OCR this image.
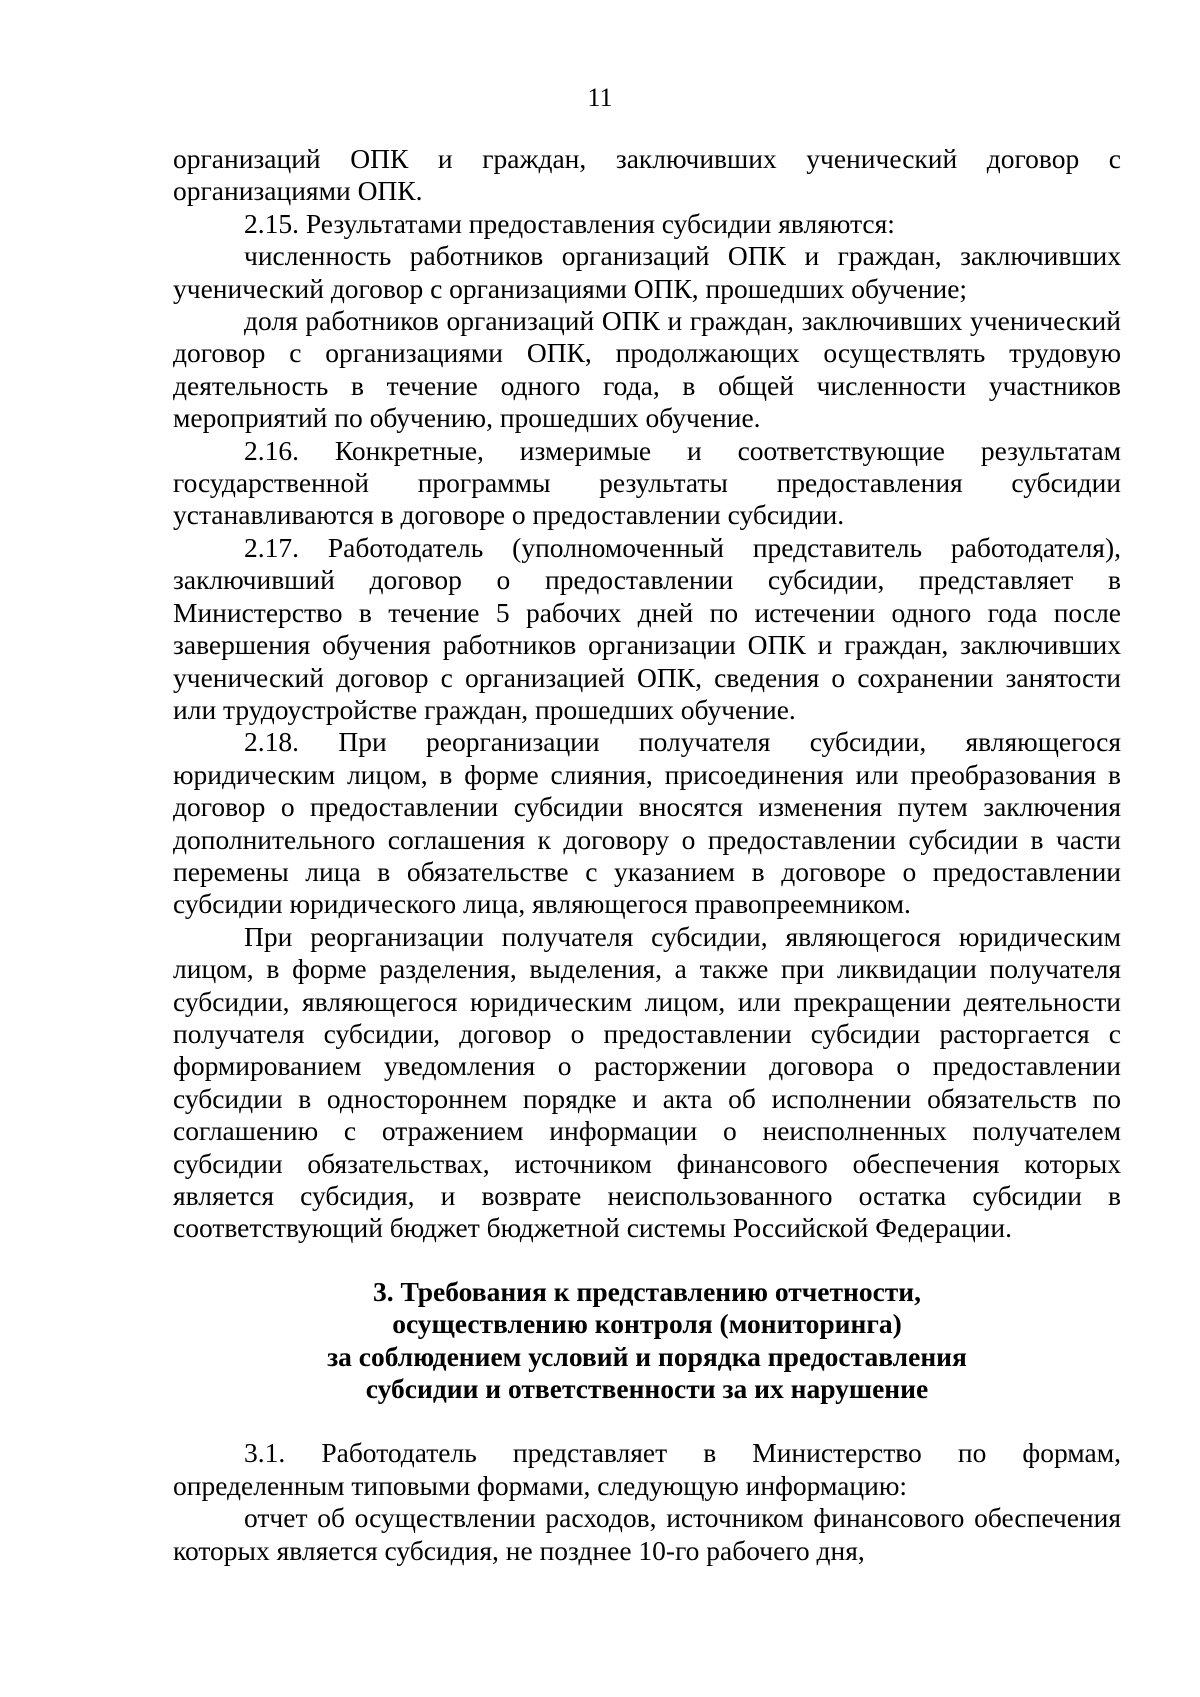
11

организаций ОПК и граждан, заключивших ученический договор с организациями ОПК.

2.15. Результатами предоставления субсидии являются:

численность работников организаций ОПК и граждан, заключивших ученический договор с организациями ОПК, прошедших обучение;

доля работников организаций ОПК и граждан, заключивших ученический договор с организациями ОПК, продолжающих осуществлять трудовую деятельность в течение одного года, в общей численности участников мероприятий по обучению, прошедших обучение.

2.16. Конкретные, измеримые и соответствующие результатам государственной программы результаты предоставления субсидии устанавливаются в договоре о предоставлении субсидии.

2.17. Работодатель (уполномоченный представитель работодателя), заключивший договор о предоставлении субсидии, представляет в Министерство в течение 5 рабочих дней по истечении одного года после завершения обучения работников организации ОПК и граждан, заключивших ученический договор с организацией ОПК, сведения о сохранении занятости или трудоустройстве граждан, прошедших обучение.

2.18. При реорганизации получателя субсидии, являющегося юридическим лицом, в форме слияния, присоединения или преобразования в договор о предоставлении субсидии вносятся изменения путем заключения дополнительного соглашения к договору о предоставлении субсидии в части перемены лица в обязательстве с указанием в договоре о предоставлении субсидии юридического лица, являющегося правопреемником.

При реорганизации получателя субсидии, являющегося юридическим лицом, в форме разделения, выделения, а также при ликвидации получателя субсидии, являющегося юридическим лицом, или прекращении деятельности получателя субсидии, договор о предоставлении субсидии расторгается с формированием уведомления о расторжении договора о предоставлении субсидии в одностороннем порядке и акта об исполнении обязательств по соглашению с отражением информации о неисполненных получателем субсидии обязательствах, источником финансового обеспечения которых является субсидия, и возврате неиспользованного остатка субсидии в соответствующий бюджет бюджетной системы Российской Федерации.

3. Требования к представлению отчетности,
осуществлению контроля (мониторинга)
за соблюдением условий и порядка предоставления
субсидии и ответственности за их нарушение

3.1. Работодатель представляет в Министерство по формам, определенным типовыми формами, следующую информацию:

отчет об осуществлении расходов, источником финансового обеспечения которых является субсидия, не позднее 10-го рабочего дня,
